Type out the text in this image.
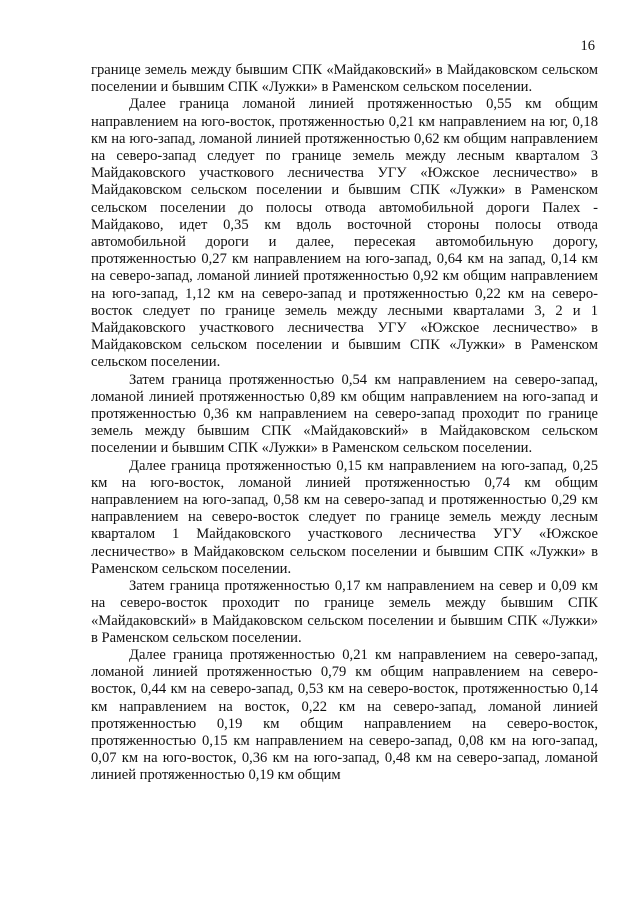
16

границе земель между бывшим СПК «Майдаковский» в Майдаковском сельском поселении и бывшим СПК «Лужки» в Раменском сельском поселении.

Далее граница ломаной линией протяженностью 0,55 км общим направлением на юго-восток, протяженностью 0,21 км направлением на юг, 0,18 км на юго-запад, ломаной линией протяженностью 0,62 км общим направлением на северо-запад следует по границе земель между лесным кварталом 3 Майдаковского участкового лесничества УГУ «Южское лесничество» в Майдаковском сельском поселении и бывшим СПК «Лужки» в Раменском сельском поселении до полосы отвода автомобильной дороги Палех - Майдаково, идет 0,35 км вдоль восточной стороны полосы отвода автомобильной дороги и далее, пересекая автомобильную дорогу, протяженностью 0,27 км направлением на юго-запад, 0,64 км на запад, 0,14 км на северо-запад, ломаной линией протяженностью 0,92 км общим направлением на юго-запад, 1,12 км на северо-запад и протяженностью 0,22 км на северо-восток следует по границе земель между лесными кварталами 3, 2 и 1 Майдаковского участкового лесничества УГУ «Южское лесничество» в Майдаковском сельском поселении и бывшим СПК «Лужки» в Раменском сельском поселении.

Затем граница протяженностью 0,54 км направлением на северо-запад, ломаной линией протяженностью 0,89 км общим направлением на юго-запад и протяженностью 0,36 км направлением на северо-запад проходит по границе земель между бывшим СПК «Майдаковский» в Майдаковском сельском поселении и бывшим СПК «Лужки» в Раменском сельском поселении.

Далее граница протяженностью 0,15 км направлением на юго-запад, 0,25 км на юго-восток, ломаной линией протяженностью 0,74 км общим направлением на юго-запад, 0,58 км на северо-запад и протяженностью 0,29 км направлением на северо-восток следует по границе земель между лесным кварталом 1 Майдаковского участкового лесничества УГУ «Южское лесничество» в Майдаковском сельском поселении и бывшим СПК «Лужки» в Раменском сельском поселении.

Затем граница протяженностью 0,17 км направлением на север и 0,09 км на северо-восток проходит по границе земель между бывшим СПК «Майдаковский» в Майдаковском сельском поселении и бывшим СПК «Лужки» в Раменском сельском поселении.

Далее граница протяженностью 0,21 км направлением на северо-запад, ломаной линией протяженностью 0,79 км общим направлением на северо-восток, 0,44 км на северо-запад, 0,53 км на северо-восток, протяженностью 0,14 км направлением на восток, 0,22 км на северо-запад, ломаной линией протяженностью 0,19 км общим направлением на северо-восток, протяженностью 0,15 км направлением на северо-запад, 0,08 км на юго-запад, 0,07 км на юго-восток, 0,36 км на юго-запад, 0,48 км на северо-запад, ломаной линией протяженностью 0,19 км общим
